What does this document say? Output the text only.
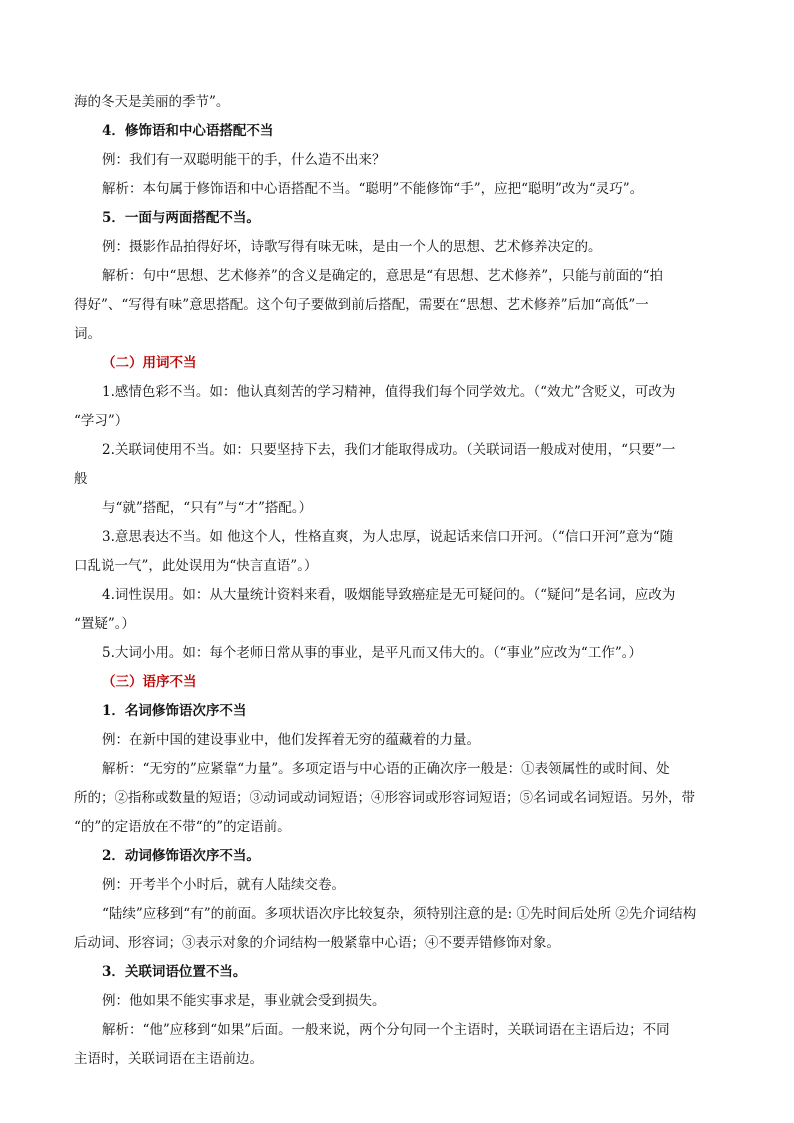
海的冬天是美丽的季节”。
4．修饰语和中心语搭配不当
例：我们有一双聪明能干的手，什么造不出来？
解析：本句属于修饰语和中心语搭配不当。“聪明”不能修饰“手”，应把“聪明”改为“灵巧”。
5．一面与两面搭配不当。
例：摄影作品拍得好坏，诗歌写得有味无味，是由一个人的思想、艺术修养决定的。
解析：句中“思想、艺术修养”的含义是确定的，意思是“有思想、艺术修养”，只能与前面的“拍
得好”、“写得有味”意思搭配。这个句子要做到前后搭配，需要在“思想、艺术修养”后加“高低”一
词。
（二）用词不当
1.感情色彩不当。如：他认真刻苦的学习精神，值得我们每个同学效尤。（“效尤”含贬义，可改为
“学习”）
2.关联词使用不当。如：只要坚持下去，我们才能取得成功。（关联词语一般成对使用，“只要”一
般
与“就”搭配，“只有”与“才”搭配。）
3.意思表达不当。如 他这个人，性格直爽，为人忠厚，说起话来信口开河。（“信口开河”意为“随
口乱说一气”，此处误用为“快言直语”。）
4.词性误用。如：从大量统计资料来看，吸烟能导致癌症是无可疑问的。（“疑问”是名词，应改为
“置疑”。）
5.大词小用。如：每个老师日常从事的事业，是平凡而又伟大的。（“事业”应改为“工作”。）
（三）语序不当
1．名词修饰语次序不当
例：在新中国的建设事业中，他们发挥着无穷的蕴藏着的力量。
解析：“无穷的”应紧靠“力量”。多项定语与中心语的正确次序一般是：①表领属性的或时间、处
所的；②指称或数量的短语；③动词或动词短语；④形容词或形容词短语；⑤名词或名词短语。另外，带
“的”的定语放在不带“的”的定语前。
2．动词修饰语次序不当。
例：开考半个小时后，就有人陆续交卷。
“陆续”应移到“有”的前面。多项状语次序比较复杂，须特别注意的是: ①先时间后处所 ②先介词结构
后动词、形容词；③表示对象的介词结构一般紧靠中心语；④不要弄错修饰对象。
3．关联词语位置不当。
例：他如果不能实事求是，事业就会受到损失。
解析：“他”应移到“如果”后面。一般来说，两个分句同一个主语时，关联词语在主语后边；不同
主语时，关联词语在主语前边。
